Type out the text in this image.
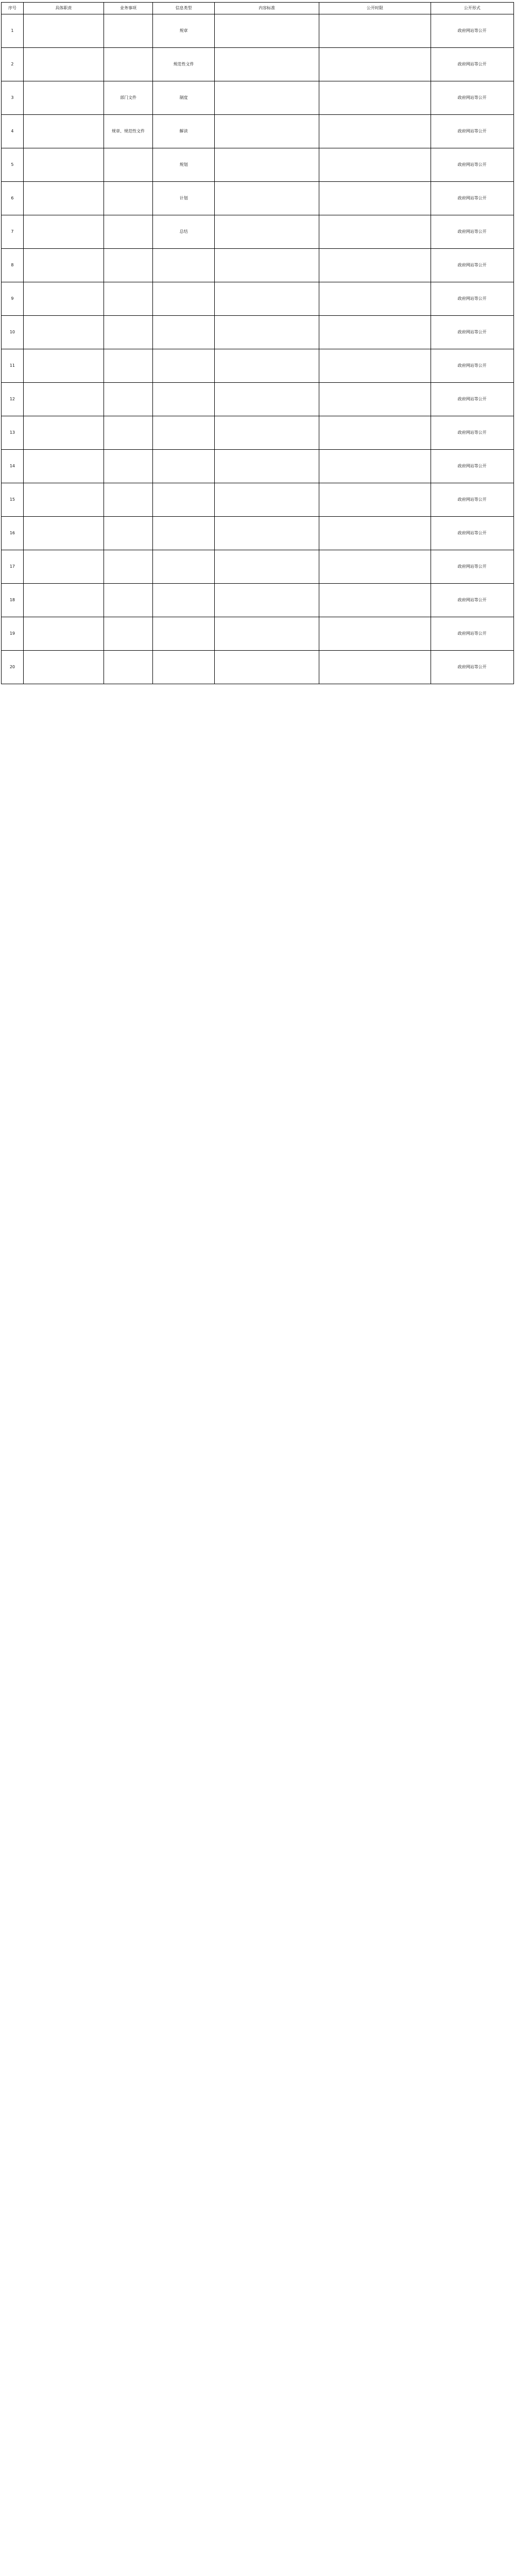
序号	具体职责	业务事项	信息类型	内容标准	公开时限	公开形式
1			规章			政府网站等公开
2			规范性文件			政府网站等公开
3		部门文件	制度			政府网站等公开
4		规章、规范性文件	解读			政府网站等公开
5			规划			政府网站等公开
6			计划			政府网站等公开
7			总结			政府网站等公开
8						政府网站等公开
9						政府网站等公开
10						政府网站等公开
11						政府网站等公开
12						政府网站等公开
13						政府网站等公开
14						政府网站等公开
15						政府网站等公开
16						政府网站等公开
17						政府网站等公开
18						政府网站等公开
19						政府网站等公开
20						政府网站等公开
